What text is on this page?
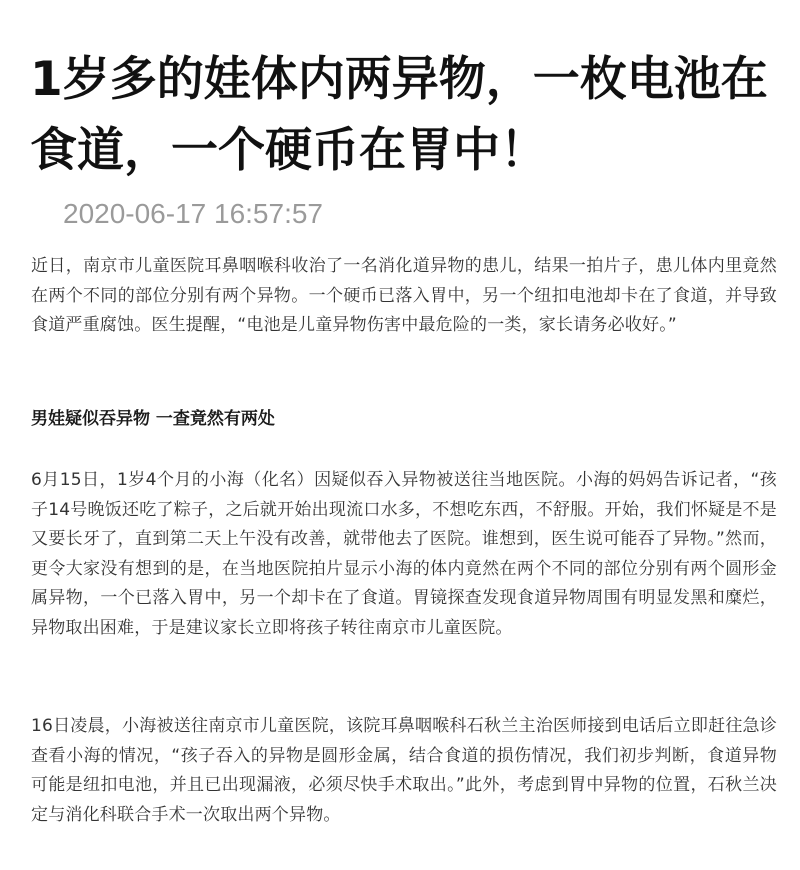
1岁多的娃体内两异物，一枚电池在食道，一个硬币在胃中！
2020-06-17 16:57:57

近日，南京市儿童医院耳鼻咽喉科收治了一名消化道异物的患儿，结果一拍片子，患儿体内里竟然在两个不同的部位分别有两个异物。一个硬币已落入胃中，另一个纽扣电池却卡在了食道，并导致食道严重腐蚀。医生提醒，“电池是儿童异物伤害中最危险的一类，家长请务必收好。”

男娃疑似吞异物 一查竟然有两处

6月15日，1岁4个月的小海（化名）因疑似吞入异物被送往当地医院。小海的妈妈告诉记者，“孩子14号晚饭还吃了粽子，之后就开始出现流口水多，不想吃东西，不舒服。开始，我们怀疑是不是又要长牙了，直到第二天上午没有改善，就带他去了医院。谁想到，医生说可能吞了异物。”然而，更令大家没有想到的是，在当地医院拍片显示小海的体内竟然在两个不同的部位分别有两个圆形金属异物，一个已落入胃中，另一个却卡在了食道。胃镜探查发现食道异物周围有明显发黑和糜烂，异物取出困难，于是建议家长立即将孩子转往南京市儿童医院。

16日凌晨，小海被送往南京市儿童医院，该院耳鼻咽喉科石秋兰主治医师接到电话后立即赶往急诊查看小海的情况，“孩子吞入的异物是圆形金属，结合食道的损伤情况，我们初步判断，食道异物可能是纽扣电池，并且已出现漏液，必须尽快手术取出。”此外，考虑到胃中异物的位置，石秋兰决定与消化科联合手术一次取出两个异物。
